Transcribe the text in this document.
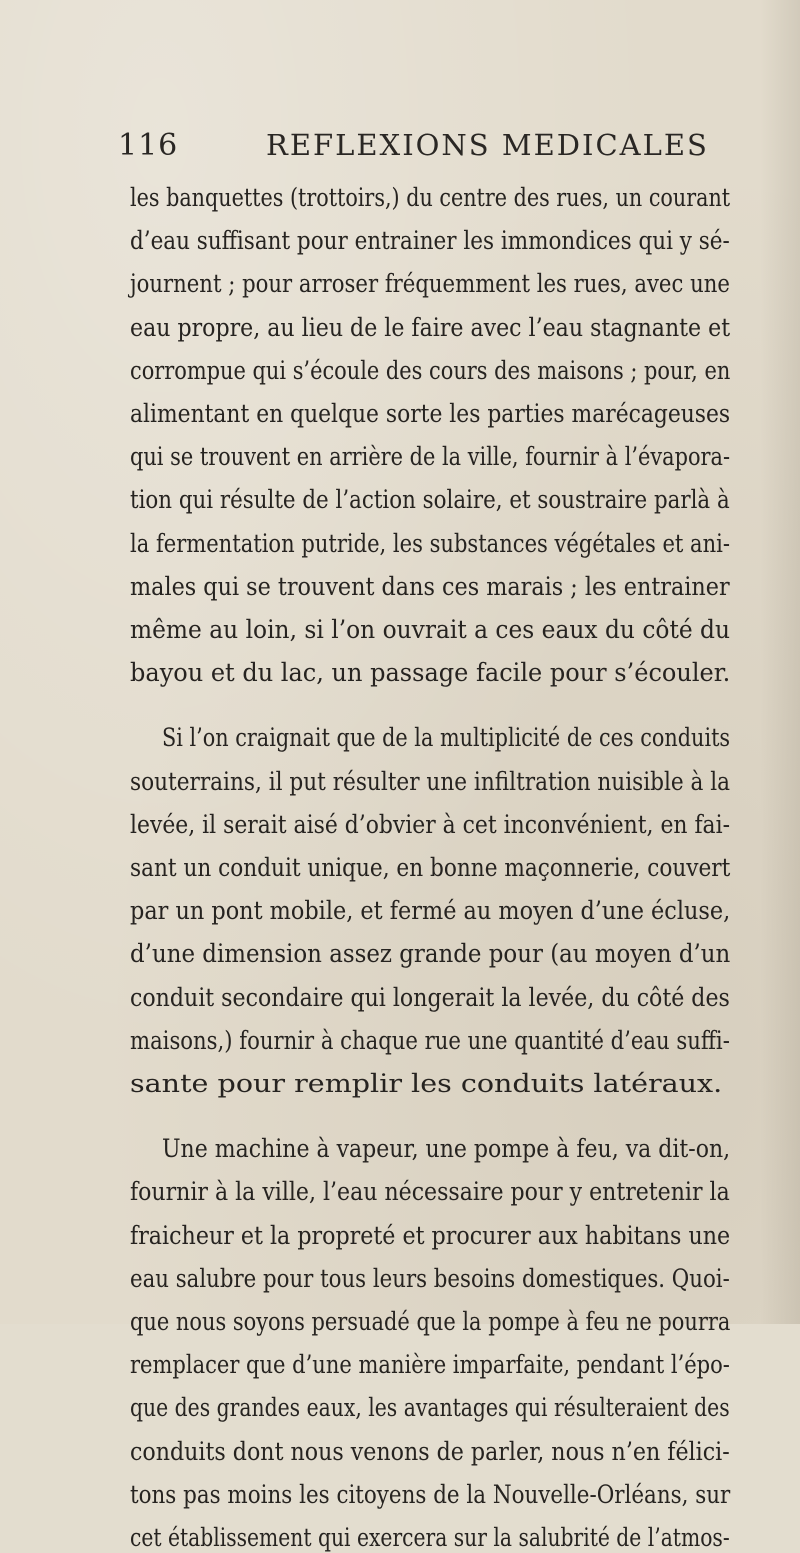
116	REFLEXIONS MEDICALES
les banquettes (trottoirs,) du centre des rues, un courant
d’eau suffisant pour entrainer les immondices qui y sé-
journent ; pour arroser fréquemment les rues, avec une
eau propre, au lieu de le faire avec l’eau stagnante et
corrompue qui s’écoule des cours des maisons ; pour, en
alimentant en quelque sorte les parties marécageuses
qui se trouvent en arrière de la ville, fournir à l’évapora-
tion qui résulte de l’action solaire, et soustraire parlà à
la fermentation putride, les substances végétales et ani-
males qui se trouvent dans ces marais ; les entrainer
même au loin, si l’on ouvrait a ces eaux du côté du
bayou et du lac, un passage facile pour s’écouler.
Si l’on craignait que de la multiplicité de ces conduits
souterrains, il put résulter une infiltration nuisible à la
levée, il serait aisé d’obvier à cet inconvénient, en fai-
sant un conduit unique, en bonne maçonnerie, couvert
par un pont mobile, et fermé au moyen d’une écluse,
d’une dimension assez grande pour (au moyen d’un
conduit secondaire qui longerait la levée, du côté des
maisons,) fournir à chaque rue une quantité d’eau suffi-
sante pour remplir les conduits latéraux.
Une machine à vapeur, une pompe à feu, va dit-on,
fournir à la ville, l’eau nécessaire pour y entretenir la
fraicheur et la propreté et procurer aux habitans une
eau salubre pour tous leurs besoins domestiques. Quoi-
que nous soyons persuadé que la pompe à feu ne pourra
remplacer que d’une manière imparfaite, pendant l’épo-
que des grandes eaux, les avantages qui résulteraient des
conduits dont nous venons de parler, nous n’en félici-
tons pas moins les citoyens de la Nouvelle-Orléans, sur
cet établissement qui exercera sur la salubrité de l’atmos-
